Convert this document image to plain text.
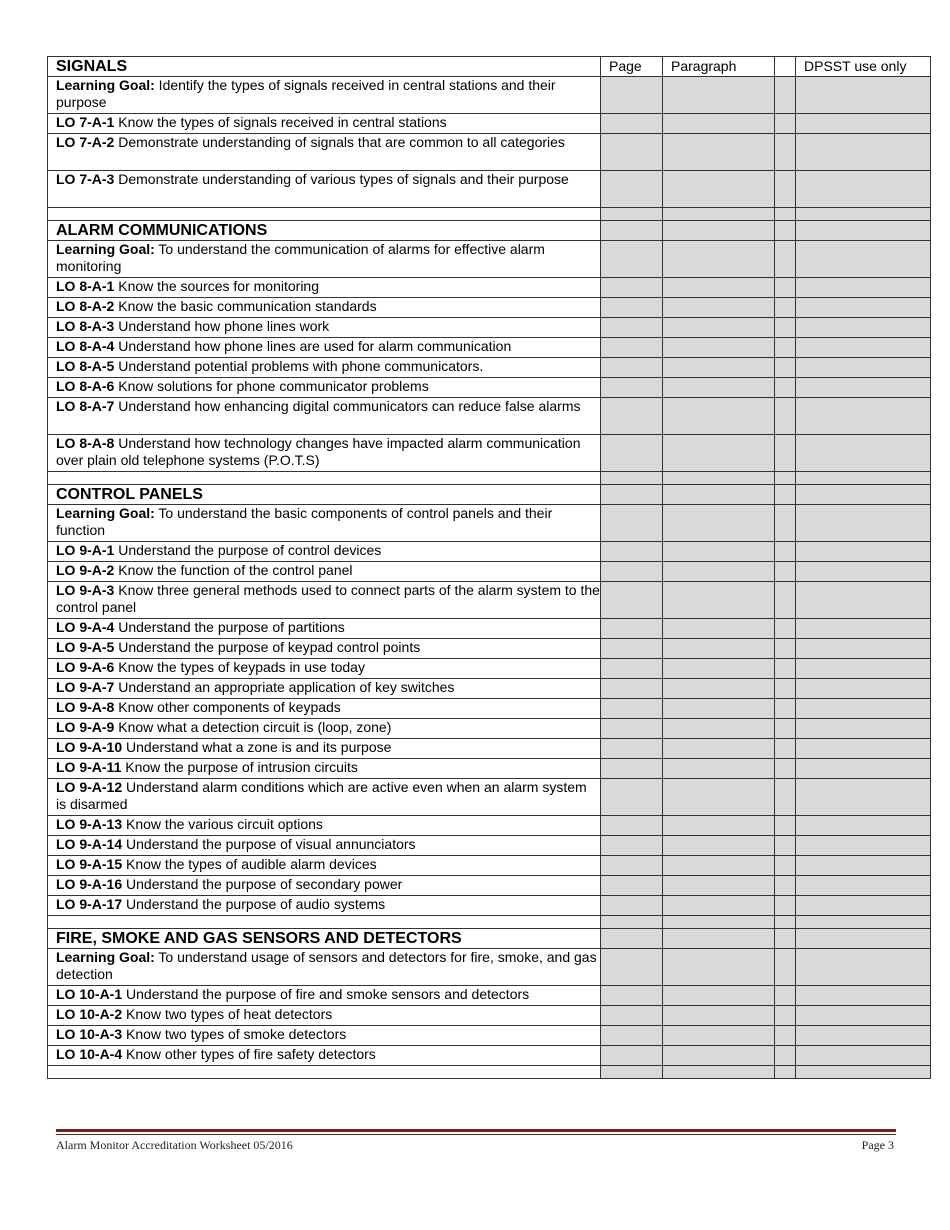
SIGNALS	Page	Paragraph		DPSST use only
Learning Goal: Identify the types of signals received in central stations and their purpose				
LO 7-A-1 Know the types of signals received in central stations				
LO 7-A-2 Demonstrate understanding of signals that are common to all categories				
LO 7-A-3 Demonstrate understanding of various types of signals and their purpose				

ALARM COMMUNICATIONS				
Learning Goal: To understand the communication of alarms for effective alarm monitoring				
LO 8-A-1 Know the sources for monitoring				
LO 8-A-2 Know the basic communication standards				
LO 8-A-3 Understand how phone lines work				
LO 8-A-4 Understand how phone lines are used for alarm communication				
LO 8-A-5 Understand potential problems with phone communicators.				
LO 8-A-6 Know solutions for phone communicator problems				
LO 8-A-7 Understand how enhancing digital communicators can reduce false alarms				
LO 8-A-8 Understand how technology changes have impacted alarm communication over plain old telephone systems (P.O.T.S)				

CONTROL PANELS				
Learning Goal: To understand the basic components of control panels and their function				
LO 9-A-1 Understand the purpose of control devices				
LO 9-A-2 Know the function of the control panel				
LO 9-A-3 Know three general methods used to connect parts of the alarm system to the control panel				
LO 9-A-4 Understand the purpose of partitions				
LO 9-A-5 Understand the purpose of keypad control points				
LO 9-A-6 Know the types of keypads in use today				
LO 9-A-7 Understand an appropriate application of key switches				
LO 9-A-8 Know other components of keypads				
LO 9-A-9 Know what a detection circuit is (loop, zone)				
LO 9-A-10 Understand what a zone is and its purpose				
LO 9-A-11 Know the purpose of intrusion circuits				
LO 9-A-12 Understand alarm conditions which are active even when an alarm system is disarmed				
LO 9-A-13 Know the various circuit options				
LO 9-A-14 Understand the purpose of visual annunciators				
LO 9-A-15 Know the types of audible alarm devices				
LO 9-A-16 Understand the purpose of secondary power				
LO 9-A-17 Understand the purpose of audio systems				

FIRE, SMOKE AND GAS SENSORS AND DETECTORS				
Learning Goal: To understand usage of sensors and detectors for fire, smoke, and gas detection				
LO 10-A-1 Understand the purpose of fire and smoke sensors and detectors				
LO 10-A-2 Know two types of heat detectors				
LO 10-A-3 Know two types of smoke detectors				
LO 10-A-4 Know other types of fire safety detectors				

Alarm Monitor Accreditation Worksheet 05/2016	Page 3
